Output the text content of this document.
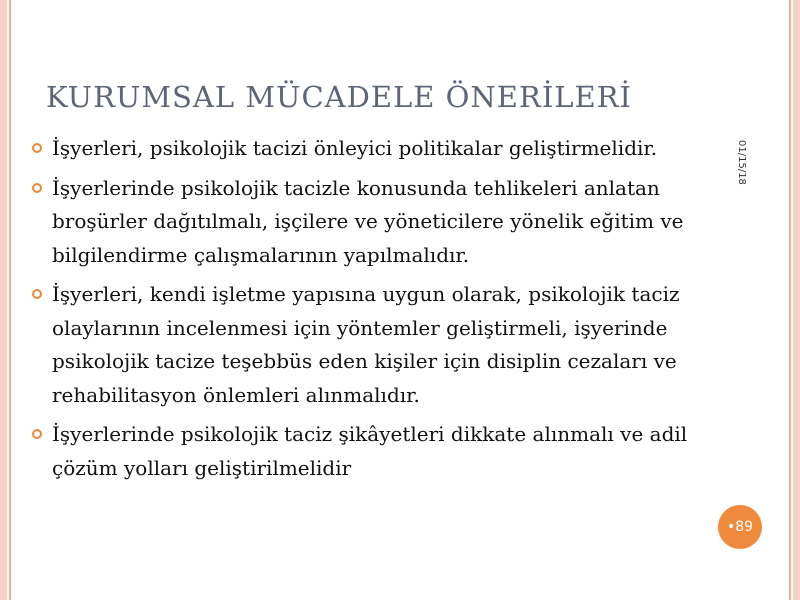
KURUMSAL MÜCADELE ÖNERİLERİ
01/15/18
İşyerleri, psikolojik tacizi önleyici politikalar geliştirmelidir.
İşyerlerinde psikolojik tacizle konusunda tehlikeleri anlatan broşürler dağıtılmalı, işçilere ve yöneticilere yönelik eğitim ve bilgilendirme çalışmalarının yapılmalıdır.
İşyerleri, kendi işletme yapısına uygun olarak, psikolojik taciz olaylarının incelenmesi için yöntemler geliştirmeli, işyerinde psikolojik tacize teşebbüs eden kişiler için disiplin cezaları ve rehabilitasyon önlemleri alınmalıdır.
İşyerlerinde psikolojik taciz şikâyetleri dikkate alınmalı ve adil çözüm yolları geliştirilmelidir
•89
